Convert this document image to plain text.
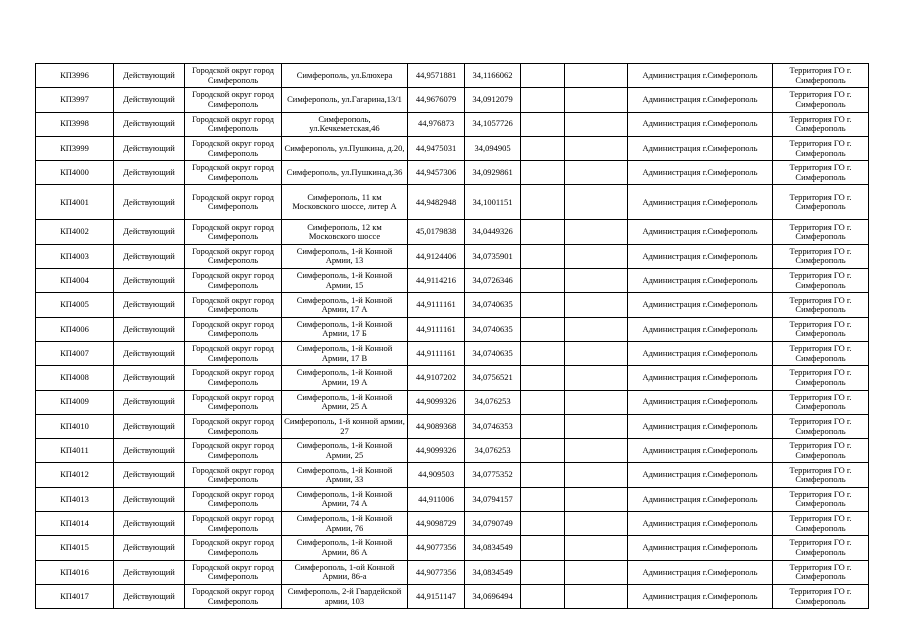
КП3996	Действующий	Городской округ город Симферополь	Симферополь, ул.Блюхера	44,9571881	34,1166062			Администрация г.Симферополь	Территория ГО г. Симферополь
КП3997	Действующий	Городской округ город Симферополь	Симферополь, ул.Гагарина,13/1	44,9676079	34,0912079			Администрация г.Симферополь	Территория ГО г. Симферополь
КП3998	Действующий	Городской округ город Симферополь	Симферополь, ул.Кечкеметская,46	44,976873	34,1057726			Администрация г.Симферополь	Территория ГО г. Симферополь
КП3999	Действующий	Городской округ город Симферополь	Симферополь, ул.Пушкина, д.20,	44,9475031	34,094905			Администрация г.Симферополь	Территория ГО г. Симферополь
КП4000	Действующий	Городской округ город Симферополь	Симферополь, ул.Пушкина,д.36	44,9457306	34,0929861			Администрация г.Симферополь	Территория ГО г. Симферополь
КП4001	Действующий	Городской округ город Симферополь	Симферополь, 11 км Московского шоссе, литер А	44,9482948	34,1001151			Администрация г.Симферополь	Территория ГО г. Симферополь
КП4002	Действующий	Городской округ город Симферополь	Симферополь, 12 км Московского шоссе	45,0179838	34,0449326			Администрация г.Симферополь	Территория ГО г. Симферополь
КП4003	Действующий	Городской округ город Симферополь	Симферополь, 1-й Конной Армии, 13	44,9124406	34,0735901			Администрация г.Симферополь	Территория ГО г. Симферополь
КП4004	Действующий	Городской округ город Симферополь	Симферополь, 1-й Конной Армии, 15	44,9114216	34,0726346			Администрация г.Симферополь	Территория ГО г. Симферополь
КП4005	Действующий	Городской округ город Симферополь	Симферополь, 1-й Конной Армии, 17 А	44,9111161	34,0740635			Администрация г.Симферополь	Территория ГО г. Симферополь
КП4006	Действующий	Городской округ город Симферополь	Симферополь, 1-й Конной Армии, 17 Б	44,9111161	34,0740635			Администрация г.Симферополь	Территория ГО г. Симферополь
КП4007	Действующий	Городской округ город Симферополь	Симферополь, 1-й Конной Армии, 17 В	44,9111161	34,0740635			Администрация г.Симферополь	Территория ГО г. Симферополь
КП4008	Действующий	Городской округ город Симферополь	Симферополь, 1-й Конной Армии, 19 А	44,9107202	34,0756521			Администрация г.Симферополь	Территория ГО г. Симферополь
КП4009	Действующий	Городской округ город Симферополь	Симферополь, 1-й Конной Армии, 25 А	44,9099326	34,076253			Администрация г.Симферополь	Территория ГО г. Симферополь
КП4010	Действующий	Городской округ город Симферополь	Симферополь, 1-й конной армии, 27	44,9089368	34,0746353			Администрация г.Симферополь	Территория ГО г. Симферополь
КП4011	Действующий	Городской округ город Симферополь	Симферополь, 1-й Конной Армии, 25	44,9099326	34,076253			Администрация г.Симферополь	Территория ГО г. Симферополь
КП4012	Действующий	Городской округ город Симферополь	Симферополь, 1-й Конной Армии, 33	44,909503	34,0775352			Администрация г.Симферополь	Территория ГО г. Симферополь
КП4013	Действующий	Городской округ город Симферополь	Симферополь, 1-й Конной Армии, 74 А	44,911006	34,0794157			Администрация г.Симферополь	Территория ГО г. Симферополь
КП4014	Действующий	Городской округ город Симферополь	Симферополь, 1-й Конной Армии, 76	44,9098729	34,0790749			Администрация г.Симферополь	Территория ГО г. Симферополь
КП4015	Действующий	Городской округ город Симферополь	Симферополь, 1-й Конной Армии, 86 А	44,9077356	34,0834549			Администрация г.Симферополь	Территория ГО г. Симферополь
КП4016	Действующий	Городской округ город Симферополь	Симферополь, 1-ой Конной Армии, 86-а	44,9077356	34,0834549			Администрация г.Симферополь	Территория ГО г. Симферополь
КП4017	Действующий	Городской округ город Симферополь	Симферополь, 2-й Гвардейской армии, 103	44,9151147	34,0696494			Администрация г.Симферополь	Территория ГО г. Симферополь
